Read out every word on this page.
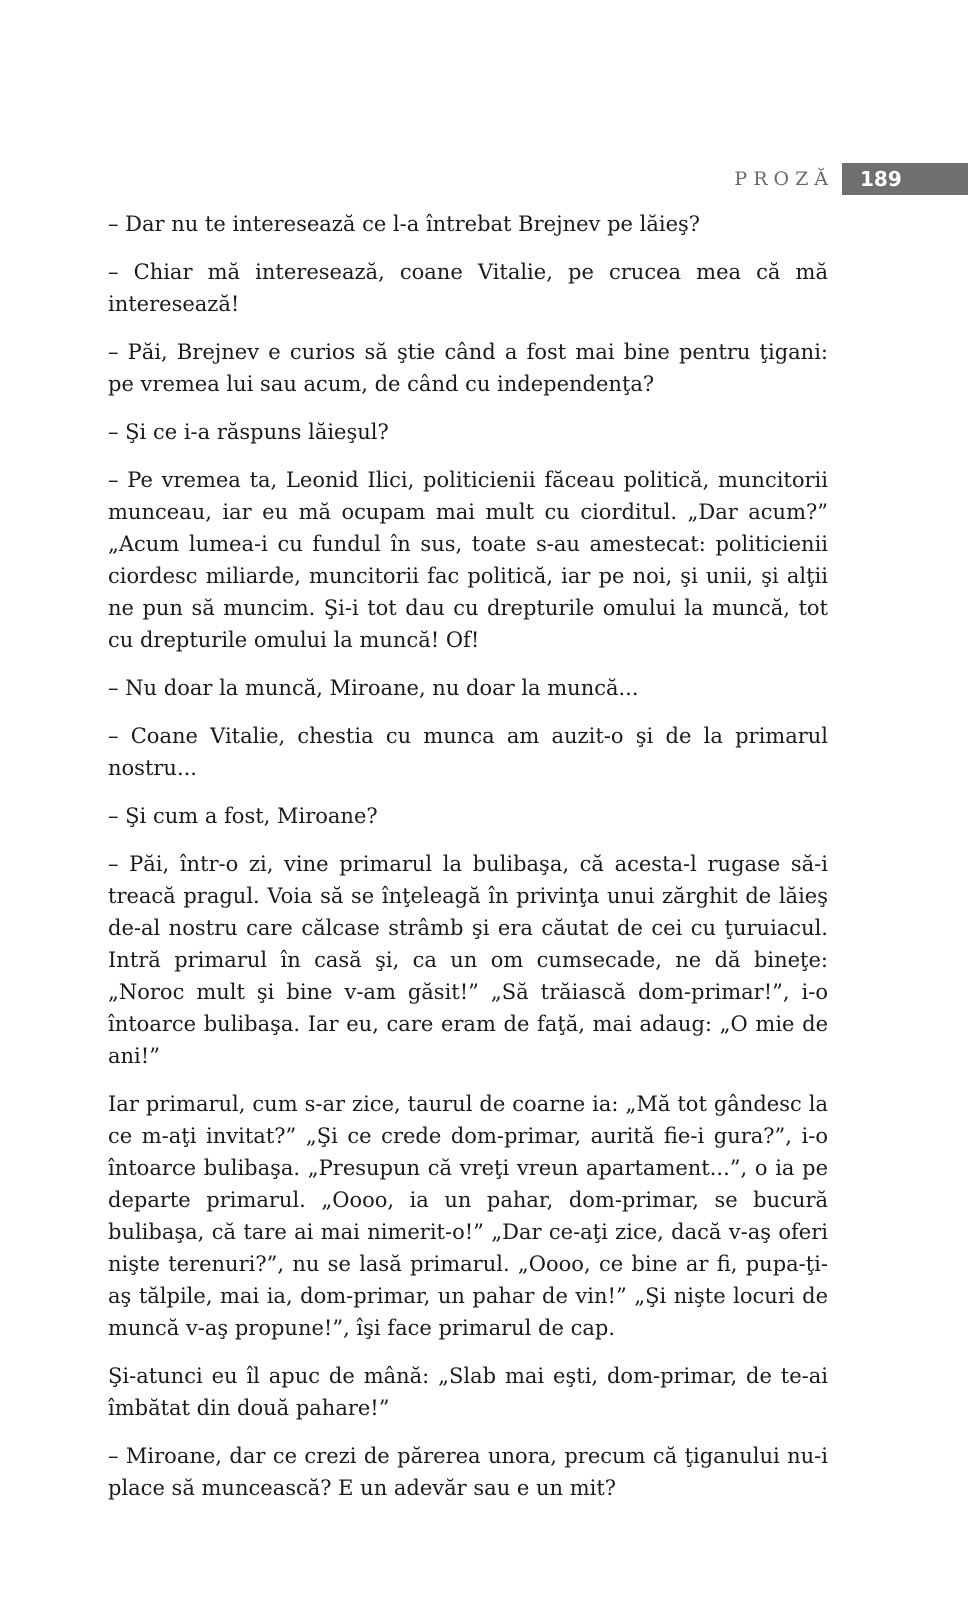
PROZĂ	189

– Dar nu te interesează ce l-a întrebat Brejnev pe lăieş?

– Chiar mă interesează, coane Vitalie, pe crucea mea că mă interesează!

– Păi, Brejnev e curios să ştie când a fost mai bine pentru ţigani: pe vremea lui sau acum, de când cu independenţa?

– Şi ce i-a răspuns lăieşul?

– Pe vremea ta, Leonid Ilici, politicienii făceau politică, muncitorii munceau, iar eu mă ocupam mai mult cu ciorditul. „Dar acum?” „Acum lumea-i cu fundul în sus, toate s-au amestecat: politicienii ciordesc miliarde, muncitorii fac politică, iar pe noi, şi unii, şi alţii ne pun să muncim. Şi-i tot dau cu drepturile omului la muncă, tot cu drepturile omului la muncă! Of!

– Nu doar la muncă, Miroane, nu doar la muncă...

– Coane Vitalie, chestia cu munca am auzit-o şi de la primarul nostru...

– Şi cum a fost, Miroane?

– Păi, într-o zi, vine primarul la bulibaşa, că acesta-l rugase să-i treacă pragul. Voia să se înţeleagă în privinţa unui zărghit de lăieş de-al nostru care călcase strâmb şi era căutat de cei cu ţuruiacul. Intră primarul în casă şi, ca un om cumsecade, ne dă bineţe: „Noroc mult şi bine v-am găsit!” „Să trăiască dom-primar!”, i-o întoarce bulibaşa. Iar eu, care eram de faţă, mai adaug: „O mie de ani!”

Iar primarul, cum s-ar zice, taurul de coarne ia: „Mă tot gândesc la ce m-aţi invitat?” „Şi ce crede dom-primar, aurită fie-i gura?”, i-o întoarce bulibaşa. „Presupun că vreţi vreun apartament...”, o ia pe departe primarul. „Oooo, ia un pahar, dom-primar, se bucură bulibaşa, că tare ai mai nimerit-o!” „Dar ce-aţi zice, dacă v-aş oferi nişte terenuri?”, nu se lasă primarul. „Oooo, ce bine ar fi, pupa-ţi-aş tălpile, mai ia, dom-primar, un pahar de vin!” „Şi nişte locuri de muncă v-aş propune!”, îşi face primarul de cap.

Şi-atunci eu îl apuc de mână: „Slab mai eşti, dom-primar, de te-ai îmbătat din două pahare!”

– Miroane, dar ce crezi de părerea unora, precum că ţiganului nu-i place să muncească? E un adevăr sau e un mit?
